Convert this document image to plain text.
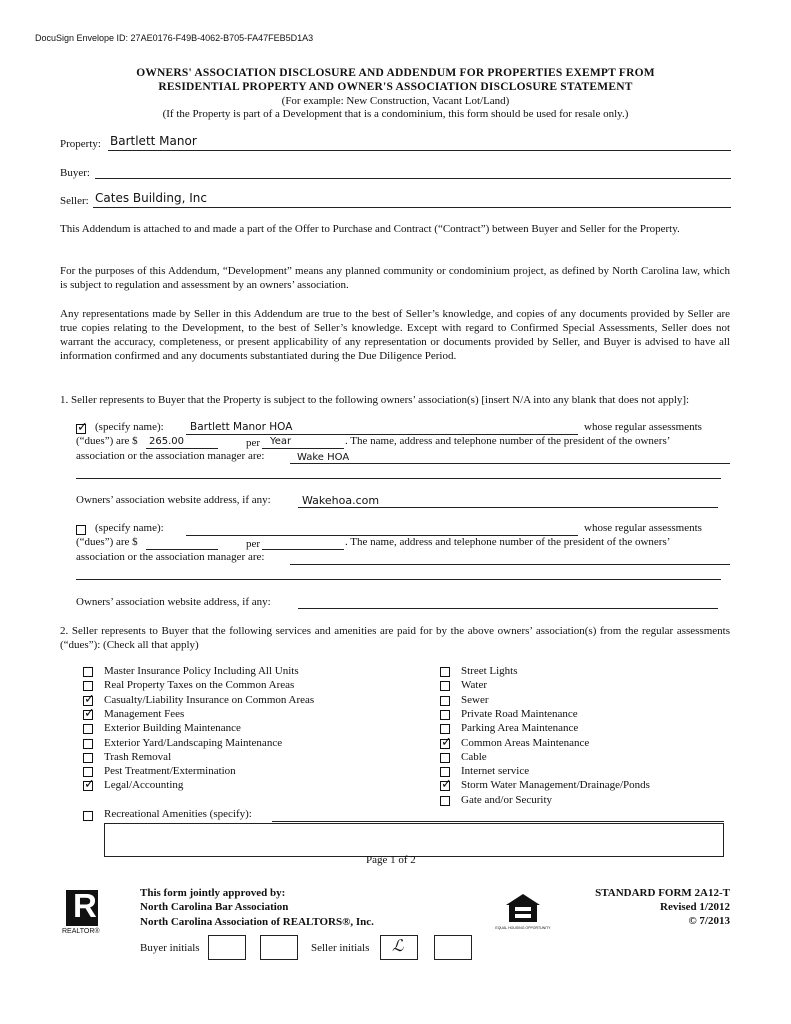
DocuSign Envelope ID: 27AE0176-F49B-4062-B705-FA47FEB5D1A3
OWNERS' ASSOCIATION DISCLOSURE AND ADDENDUM FOR PROPERTIES EXEMPT FROM
RESIDENTIAL PROPERTY AND OWNER'S ASSOCIATION DISCLOSURE STATEMENT
(For example: New Construction, Vacant Lot/Land)
(If the Property is part of a Development that is a condominium, this form should be used for resale only.)
Property: Bartlett Manor
Buyer:
Seller: Cates Building, Inc
This Addendum is attached to and made a part of the Offer to Purchase and Contract (“Contract”) between Buyer and Seller for the Property.
For the purposes of this Addendum, “Development” means any planned community or condominium project, as defined by North Carolina law, which is subject to regulation and assessment by an owners’ association.
Any representations made by Seller in this Addendum are true to the best of Seller’s knowledge, and copies of any documents provided by Seller are true copies relating to the Development, to the best of Seller’s knowledge. Except with regard to Confirmed Special Assessments, Seller does not warrant the accuracy, completeness, or present applicability of any representation or documents provided by Seller, and Buyer is advised to have all information confirmed and any documents substantiated during the Due Diligence Period.
1. Seller represents to Buyer that the Property is subject to the following owners’ association(s) [insert N/A into any blank that does not apply]:
✓
(specify name):	Bartlett Manor HOA	whose regular assessments
(“dues”) are $ 265.00	per Year	. The name, address and telephone number of the president of the owners’
association or the association manager are:	Wake HOA
Owners’ association website address, if any:	Wakehoa.com
(specify name):	whose regular assessments
(“dues”) are $	per	. The name, address and telephone number of the president of the owners’
association or the association manager are:
Owners’ association website address, if any:
2. Seller represents to Buyer that the following services and amenities are paid for by the above owners’ association(s) from the regular assessments (“dues”): (Check all that apply)
Master Insurance Policy Including All Units
Real Property Taxes on the Common Areas
✓
Casualty/Liability Insurance on Common Areas
✓
Management Fees
Exterior Building Maintenance
Exterior Yard/Landscaping Maintenance
Trash Removal
Pest Treatment/Extermination
✓
Legal/Accounting
Street Lights
Water
Sewer
Private Road Maintenance
Parking Area Maintenance
✓
Common Areas Maintenance
Cable
Internet service
✓
Storm Water Management/Drainage/Ponds
Gate and/or Security
Recreational Amenities (specify):
Page 1 of 2
R
REALTOR®
This form jointly approved by:
North Carolina Bar Association
North Carolina Association of REALTORS®, Inc.	EQUAL HOUSING OPPORTUNITY
STANDARD FORM 2A12-T
Revised 1/2012
© 7/2013
Buyer initials	Seller initials ℒ
